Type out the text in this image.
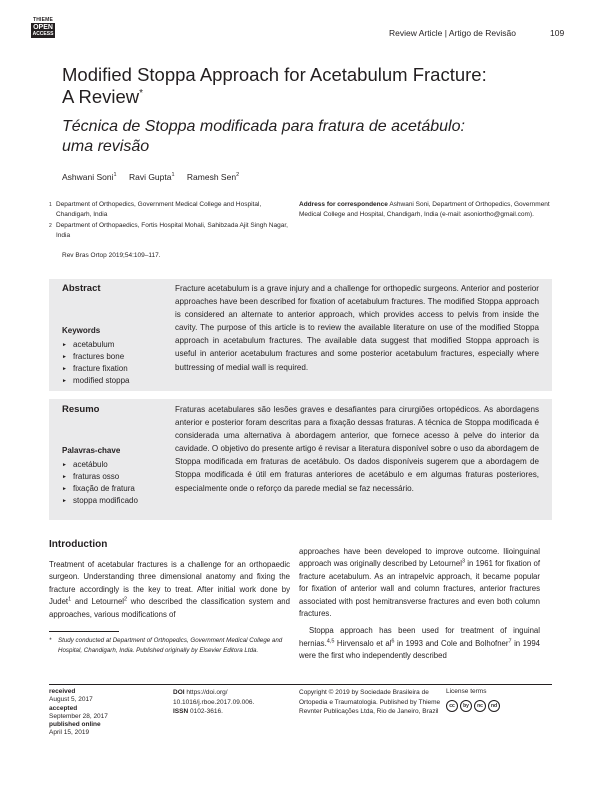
THIEME
OPEN
ACCESS	Review Article | Artigo de Revisão	109
Modified Stoppa Approach for Acetabulum Fracture:
A Review*
Técnica de Stoppa modificada para fratura de acetábulo:
uma revisão
Ashwani Soni$^1$ Ravi Gupta$^1$ Ramesh Sen$^2$
1 Department of Orthopedics, Government Medical College and Hospital, Chandigarh, India
2 Department of Orthopaedics, Fortis Hospital Mohali, Sahibzada Ajit Singh Nagar, India
Address for correspondence Ashwani Soni, Department of Orthopedics, Government Medical College and Hospital, Chandigarh, India (e-mail: asoniortho@gmail.com).
Rev Bras Ortop 2019;54:109–117.
Abstract
Keywords
► acetabulum
► fractures bone
► fracture fixation
► modified stoppa
Fracture acetabulum is a grave injury and a challenge for orthopedic surgeons. Anterior and posterior approaches have been described for fixation of acetabulum fractures. The modified Stoppa approach is considered an alternate to anterior approach, which provides access to pelvis from inside the cavity. The purpose of this article is to review the available literature on use of the modified Stoppa approach in acetabulum fractures. The available data suggest that modified Stoppa approach is useful in anterior acetabulum fractures and some posterior acetabulum fractures, especially where buttressing of medial wall is required.
Resumo
Palavras-chave
► acetábulo
► fraturas osso
► fixação de fratura
► stoppa modificado
Fraturas acetabulares são lesões graves e desafiantes para cirurgiões ortopédicos. As abordagens anterior e posterior foram descritas para a fixação dessas fraturas. A técnica de Stoppa modificada é considerada uma alternativa à abordagem anterior, que fornece acesso à pelve do interior da cavidade. O objetivo do presente artigo é revisar a literatura disponível sobre o uso da abordagem de Stoppa modificada em fraturas de acetábulo. Os dados disponíveis sugerem que a abordagem de Stoppa modificada é útil em fraturas anteriores de acetábulo e em algumas fraturas posteriores, especialmente onde o reforço da parede medial se faz necessário.
Introduction

Treatment of acetabular fractures is a challenge for an orthopaedic surgeon. Understanding three dimensional anatomy and fixing the fracture accordingly is the key to treat. After initial work done by Judet$^1$ and Letournel$^2$ who described the classification system and approaches, various modifications of

approaches have been developed to improve outcome. Ilioinguinal approach was originally described by Letournel$^3$ in 1961 for fixation of fracture acetabulum. As an intrapelvic approach, it became popular for fixation of anterior wall and column fractures, anterior fractures associated with post hemitransverse fractures and even both column fractures.

Stoppa approach has been used for treatment of inguinal hernias.$^{4,5}$ Hirvensalo et $al^6$ in 1993 and Cole and Bolhofner$^7$ in 1994 were the first who independently described

* Study conducted at Department of Orthopedics, Government Medical College and Hospital, Chandigarh, India. Published originally by Elsevier Editora Ltda.
received
August 5, 2017
accepted
September 28, 2017
published online
April 15, 2019
DOI https://doi.org/
10.1016/j.rboe.2017.09.006.
ISSN 0102-3616.
Copyright © 2019 by Sociedade Brasileira de Ortopedia e Traumatologia. Published by Thieme Revnter Publicações Ltda, Rio de Janeiro, Brazil
License terms
cc	by	nc	nd
